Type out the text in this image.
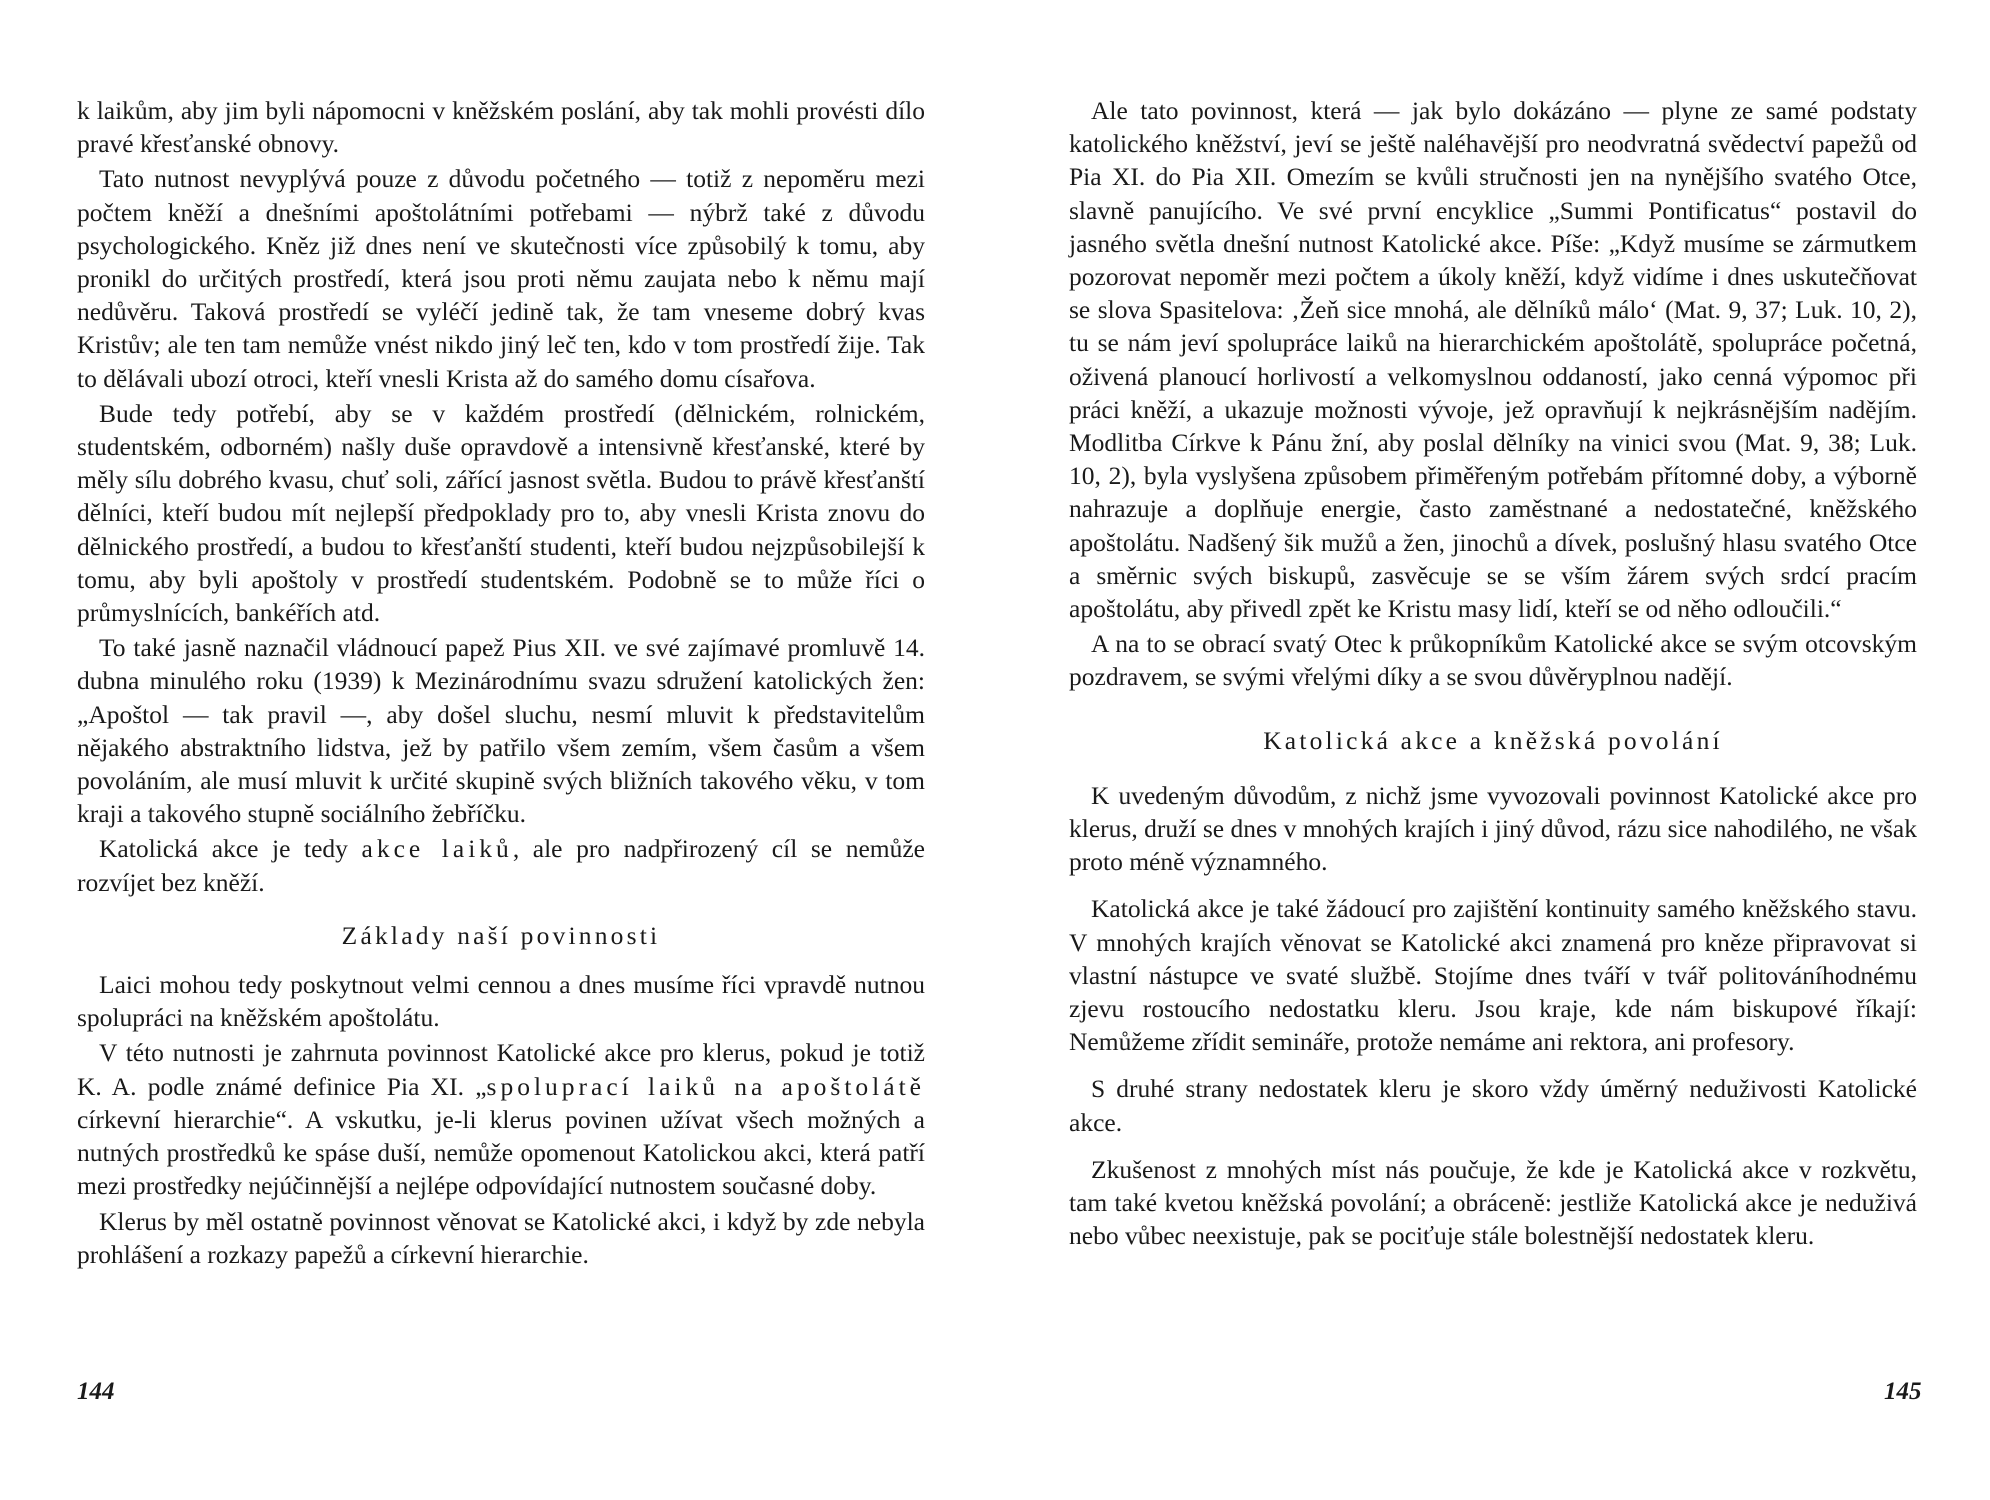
k laikům, aby jim byli nápomocni v kněžském poslání, aby tak mohli provésti dílo pravé křesťanské obnovy.

Tato nutnost nevyplývá pouze z důvodu početného — totiž z nepoměru mezi počtem kněží a dnešními apoštolátními potřebami — nýbrž také z důvodu psychologického. Kněz již dnes není ve skutečnosti více způsobilý k tomu, aby pronikl do určitých prostředí, která jsou proti němu zaujata nebo k němu mají nedůvěru. Taková prostředí se vyléčí jedině tak, že tam vneseme dobrý kvas Kristův; ale ten tam nemůže vnést nikdo jiný leč ten, kdo v tom prostředí žije. Tak to dělávali ubozí otroci, kteří vnesli Krista až do samého domu císařova.

Bude tedy potřebí, aby se v každém prostředí (dělnickém, rolnickém, studentském, odborném) našly duše opravdově a intensivně křesťanské, které by měly sílu dobrého kvasu, chuť soli, zářící jasnost světla. Budou to právě křesťanští dělníci, kteří budou mít nejlepší předpoklady pro to, aby vnesli Krista znovu do dělnického prostředí, a budou to křesťanští studenti, kteří budou nejzpůsobilejší k tomu, aby byli apoštoly v prostředí studentském. Podobně se to může říci o průmyslnících, bankéřích atd.

To také jasně naznačil vládnoucí papež Pius XII. ve své zajímavé promluvě 14. dubna minulého roku (1939) k Mezinárodnímu svazu sdružení katolických žen: „Apoštol — tak pravil —, aby došel sluchu, nesmí mluvit k představitelům nějakého abstraktního lidstva, jež by patřilo všem zemím, všem časům a všem povoláním, ale musí mluvit k určité skupině svých bližních takového věku, v tom kraji a takového stupně sociálního žebříčku.

Katolická akce je tedy akce laiků, ale pro nadpřirozený cíl se nemůže rozvíjet bez kněží.

Základy naší povinnosti

Laici mohou tedy poskytnout velmi cennou a dnes musíme říci vpravdě nutnou spolupráci na kněžském apoštolátu.

V této nutnosti je zahrnuta povinnost Katolické akce pro klerus, pokud je totiž K. A. podle známé definice Pia XI. „spoluprací laiků na apoštolátě církevní hierarchie“. A vskutku, je-li klerus povinen užívat všech možných a nutných prostředků ke spáse duší, nemůže opomenout Katolickou akci, která patří mezi prostředky nejúčinnější a nejlépe odpovídající nutnostem současné doby.

Klerus by měl ostatně povinnost věnovat se Katolické akci, i když by zde nebyla prohlášení a rozkazy papežů a církevní hierarchie.

Ale tato povinnost, která — jak bylo dokázáno — plyne ze samé podstaty katolického kněžství, jeví se ještě naléhavější pro neodvratná svědectví papežů od Pia XI. do Pia XII. Omezím se kvůli stručnosti jen na nynějšího svatého Otce, slavně panujícího. Ve své první encyklice „Summi Pontificatus“ postavil do jasného světla dnešní nutnost Katolické akce. Píše: „Když musíme se zármutkem pozorovat nepoměr mezi počtem a úkoly kněží, když vidíme i dnes uskutečňovat se slova Spasitelova: ‚Žeň sice mnohá, ale dělníků málo‘ (Mat. 9, 37; Luk. 10, 2), tu se nám jeví spolupráce laiků na hierarchickém apoštolátě, spolupráce početná, oživená planoucí horlivostí a velkomyslnou oddaností, jako cenná výpomoc při práci kněží, a ukazuje možnosti vývoje, jež opravňují k nejkrásnějším nadějím. Modlitba Církve k Pánu žní, aby poslal dělníky na vinici svou (Mat. 9, 38; Luk. 10, 2), byla vyslyšena způsobem přiměřeným potřebám přítomné doby, a výborně nahrazuje a doplňuje energie, často zaměstnané a nedostatečné, kněžského apoštolátu. Nadšený šik mužů a žen, jinochů a dívek, poslušný hlasu svatého Otce a směrnic svých biskupů, zasvěcuje se se vším žárem svých srdcí pracím apoštolátu, aby přivedl zpět ke Kristu masy lidí, kteří se od něho odloučili.“

A na to se obrací svatý Otec k průkopníkům Katolické akce se svým otcovským pozdravem, se svými vřelými díky a se svou důvěryplnou nadějí.

Katolická akce a kněžská povolání

K uvedeným důvodům, z nichž jsme vyvozovali povinnost Katolické akce pro klerus, druží se dnes v mnohých krajích i jiný důvod, rázu sice nahodilého, ne však proto méně významného.

Katolická akce je také žádoucí pro zajištění kontinuity samého kněžského stavu. V mnohých krajích věnovat se Katolické akci znamená pro kněze připravovat si vlastní nástupce ve svaté službě. Stojíme dnes tváří v tvář politováníhodnému zjevu rostoucího nedostatku kleru. Jsou kraje, kde nám biskupové říkají: Nemůžeme zřídit semináře, protože nemáme ani rektora, ani profesory.

S druhé strany nedostatek kleru je skoro vždy úměrný neduživosti Katolické akce.

Zkušenost z mnohých míst nás poučuje, že kde je Katolická akce v rozkvětu, tam také kvetou kněžská povolání; a obráceně: jestliže Katolická akce je neduživá nebo vůbec neexistuje, pak se pociťuje stále bolestnější nedostatek kleru.

144	145
